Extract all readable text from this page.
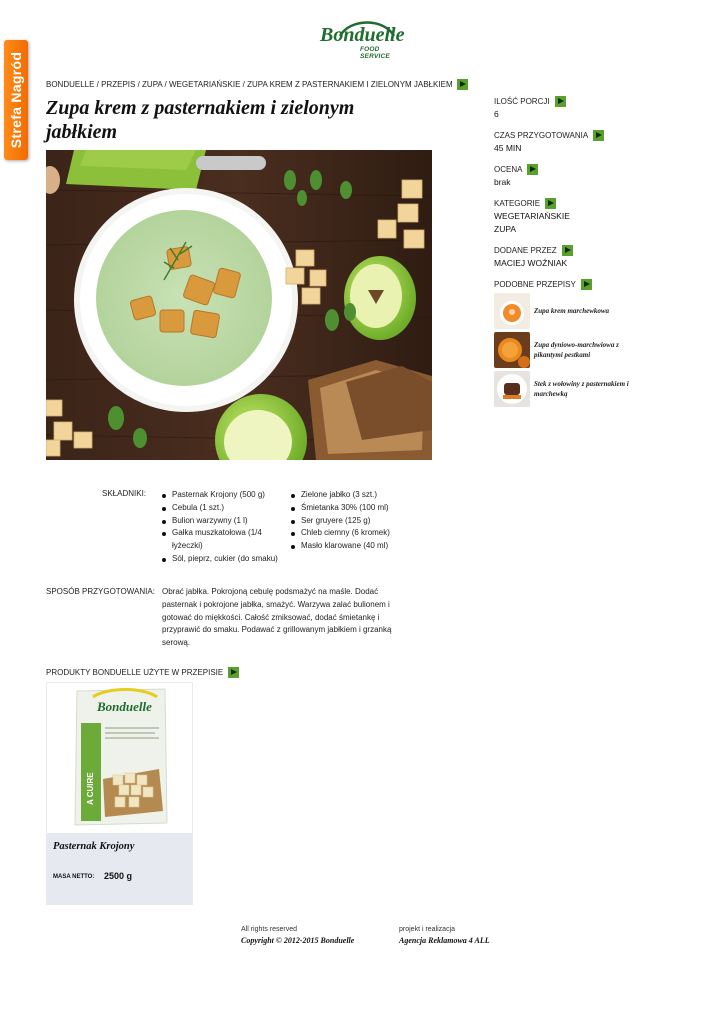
Strefa Nagród
Bonduelle
FOOD SERVICE
BONDUELLE / PRZEPIS / ZUPA / WEGETARIAŃSKIE / ZUPA KREM Z PASTERNAKIEM I ZIELONYM JABŁKIEM
Zupa krem z pasternakiem i zielonym jabłkiem
ILOŚĆ PORCJI
6
CZAS PRZYGOTOWANIA
45 MIN
OCENA
brak
KATEGORIE
WEGETARIAŃSKIE
ZUPA
DODANE PRZEZ
MACIEJ WOŹNIAK
PODOBNE PRZEPISY
Zupa krem marchewkowa
Zupa dyniowo-marchwiowa z pikantymi pestkami
Stek z wołowiny z pasternakiem i marchewką
SKŁADNIKI:	Pasternak Krojony (500 g)
Cebula (1 szt.)
Bulion warzywny (1 l)
Gałka muszkatołowa (1/4 łyżeczki)
Sól, pieprz, cukier (do smaku)
Zielone jabłko (3 szt.)
Śmietanka 30% (100 ml)
Ser gruyere (125 g)
Chleb ciemny (6 kromek)
Masło klarowane (40 ml)
SPOSÓB PRZYGOTOWANIA: Obrać jabłka. Pokrojoną cebulę podsmażyć na maśle. Dodać pasternak i pokrojone jabłka, smażyć. Warzywa zalać bulionem i gotować do miękkości. Całość zmiksować, dodać śmietankę i przyprawić do smaku. Podawać z grillowanym jabłkiem i grzanką serową.
PRODUKTY BONDUELLE UŻYTE W PRZEPISIE
A CUIRE
Bonduelle
Pasternak Krojony
MASA NETTO: 2500 g
All rights reserved
Copyright © 2012-2015 Bonduelle
projekt i realizacja
Agencja Reklamowa 4 ALL
